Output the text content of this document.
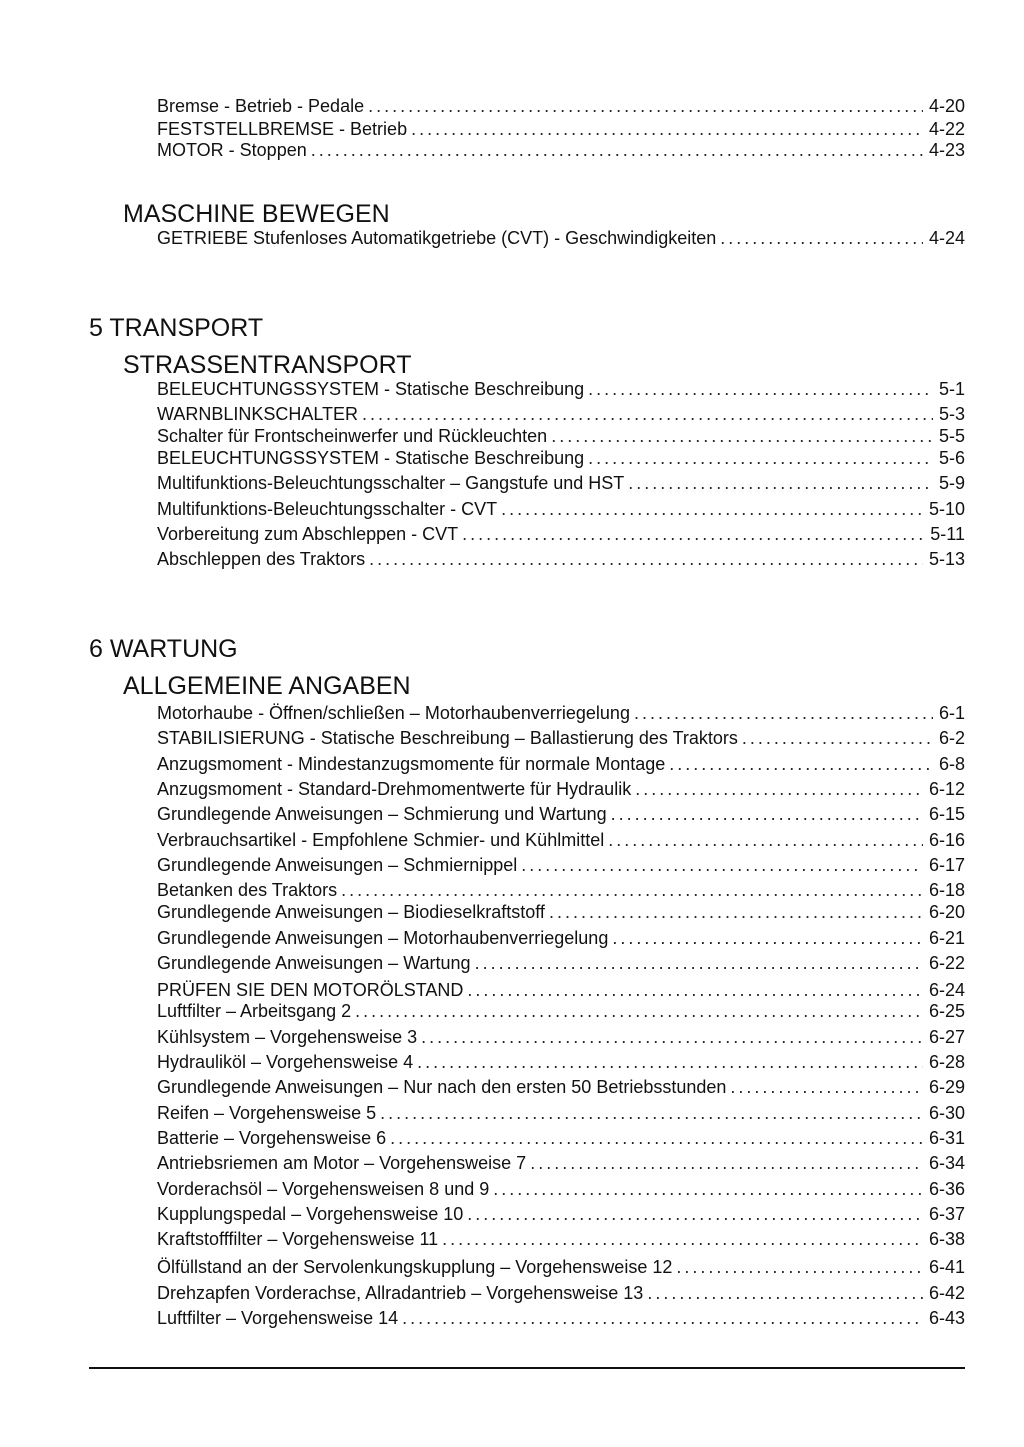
Bremse - Betrieb - Pedale . . .	4-20
FESTSTELLBREMSE - Betrieb . . .	4-22
MOTOR - Stoppen . . .	4-23
MASCHINE BEWEGEN
GETRIEBE Stufenloses Automatikgetriebe (CVT) - Geschwindigkeiten . . .	4-24
5 TRANSPORT
STRASSENTRANSPORT
BELEUCHTUNGSSYSTEM - Statische Beschreibung . . .	5-1
WARNBLINKSCHALTER . . .	5-3
Schalter für Frontscheinwerfer und Rückleuchten . . .	5-5
BELEUCHTUNGSSYSTEM - Statische Beschreibung . . .	5-6
Multifunktions-Beleuchtungsschalter – Gangstufe und HST . . .	5-9
Multifunktions-Beleuchtungsschalter - CVT . . .	5-10
Vorbereitung zum Abschleppen - CVT . . .	5-11
Abschleppen des Traktors . . .	5-13
6 WARTUNG
ALLGEMEINE ANGABEN
Motorhaube - Öffnen/schließen – Motorhaubenverriegelung . . .	6-1
STABILISIERUNG - Statische Beschreibung – Ballastierung des Traktors . . .	6-2
Anzugsmoment - Mindestanzugsmomente für normale Montage . . .	6-8
Anzugsmoment - Standard-Drehmomentwerte für Hydraulik . . .	6-12
Grundlegende Anweisungen – Schmierung und Wartung . . .	6-15
Verbrauchsartikel - Empfohlene Schmier- und Kühlmittel . . .	6-16
Grundlegende Anweisungen – Schmiernippel . . .	6-17
Betanken des Traktors . . .	6-18
Grundlegende Anweisungen – Biodieselkraftstoff . . .	6-20
Grundlegende Anweisungen – Motorhaubenverriegelung . . .	6-21
Grundlegende Anweisungen – Wartung . . .	6-22
PRÜFEN SIE DEN MOTORÖLSTAND . . .	6-24
Luftfilter – Arbeitsgang 2 . . .	6-25
Kühlsystem – Vorgehensweise 3 . . .	6-27
Hydrauliköl – Vorgehensweise 4 . . .	6-28
Grundlegende Anweisungen – Nur nach den ersten 50 Betriebsstunden . . .	6-29
Reifen – Vorgehensweise 5 . . .	6-30
Batterie – Vorgehensweise 6 . . .	6-31
Antriebsriemen am Motor – Vorgehensweise 7 . . .	6-34
Vorderachsöl – Vorgehensweisen 8 und 9 . . .	6-36
Kupplungspedal – Vorgehensweise 10 . . .	6-37
Kraftstofffilter – Vorgehensweise 11 . . .	6-38
Ölfüllstand an der Servolenkungskupplung – Vorgehensweise 12 . . .	6-41
Drehzapfen Vorderachse, Allradantrieb – Vorgehensweise 13 . . .	6-42
Luftfilter – Vorgehensweise 14 . . .	6-43
